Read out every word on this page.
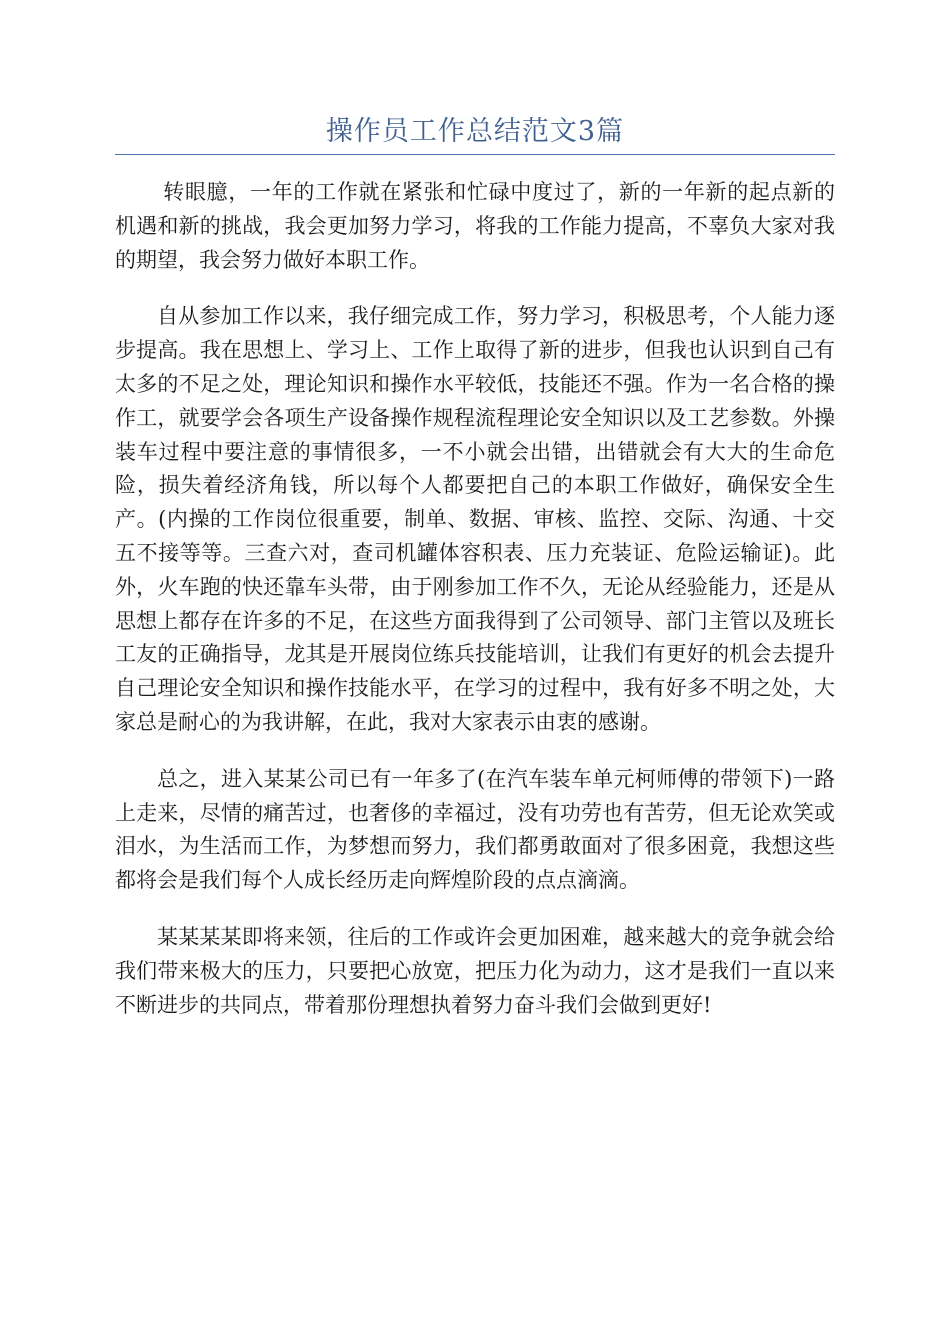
操作员工作总结范文3篇

转眼臆，一年的工作就在紧张和忙碌中度过了，新的一年新的起点新的机遇和新的挑战，我会更加努力学习，将我的工作能力提高，不辜负大家对我的期望，我会努力做好本职工作。

自从参加工作以来，我仔细完成工作，努力学习，积极思考，个人能力逐步提高。我在思想上、学习上、工作上取得了新的进步，但我也认识到自己有太多的不足之处，理论知识和操作水平较低，技能还不强。作为一名合格的操作工，就要学会各项生产设备操作规程流程理论安全知识以及工艺参数。外操装车过程中要注意的事情很多，一不小就会出错，出错就会有大大的生命危险，损失着经济角钱，所以每个人都要把自己的本职工作做好，确保安全生产。(内操的工作岗位很重要，制单、数据、审核、监控、交际、沟通、十交五不接等等。三查六对，查司机罐体容积表、压力充装证、危险运输证)。此外，火车跑的快还靠车头带，由于刚参加工作不久，无论从经验能力，还是从思想上都存在许多的不足，在这些方面我得到了公司领导、部门主管以及班长工友的正确指导，龙其是开展岗位练兵技能培训，让我们有更好的机会去提升自己理论安全知识和操作技能水平，在学习的过程中，我有好多不明之处，大家总是耐心的为我讲解，在此，我对大家表示由衷的感谢。

总之，进入某某公司已有一年多了(在汽车装车单元柯师傅的带领下)一路上走来，尽情的痛苦过，也奢侈的幸福过，没有功劳也有苦劳，但无论欢笑或泪水，为生活而工作，为梦想而努力，我们都勇敢面对了很多困竟，我想这些都将会是我们每个人成长经历走向辉煌阶段的点点滴滴。

某某某某即将来领，往后的工作或许会更加困难，越来越大的竞争就会给我们带来极大的压力，只要把心放宽，把压力化为动力，这才是我们一直以来不断进步的共同点，带着那份理想执着努力奋斗我们会做到更好!
